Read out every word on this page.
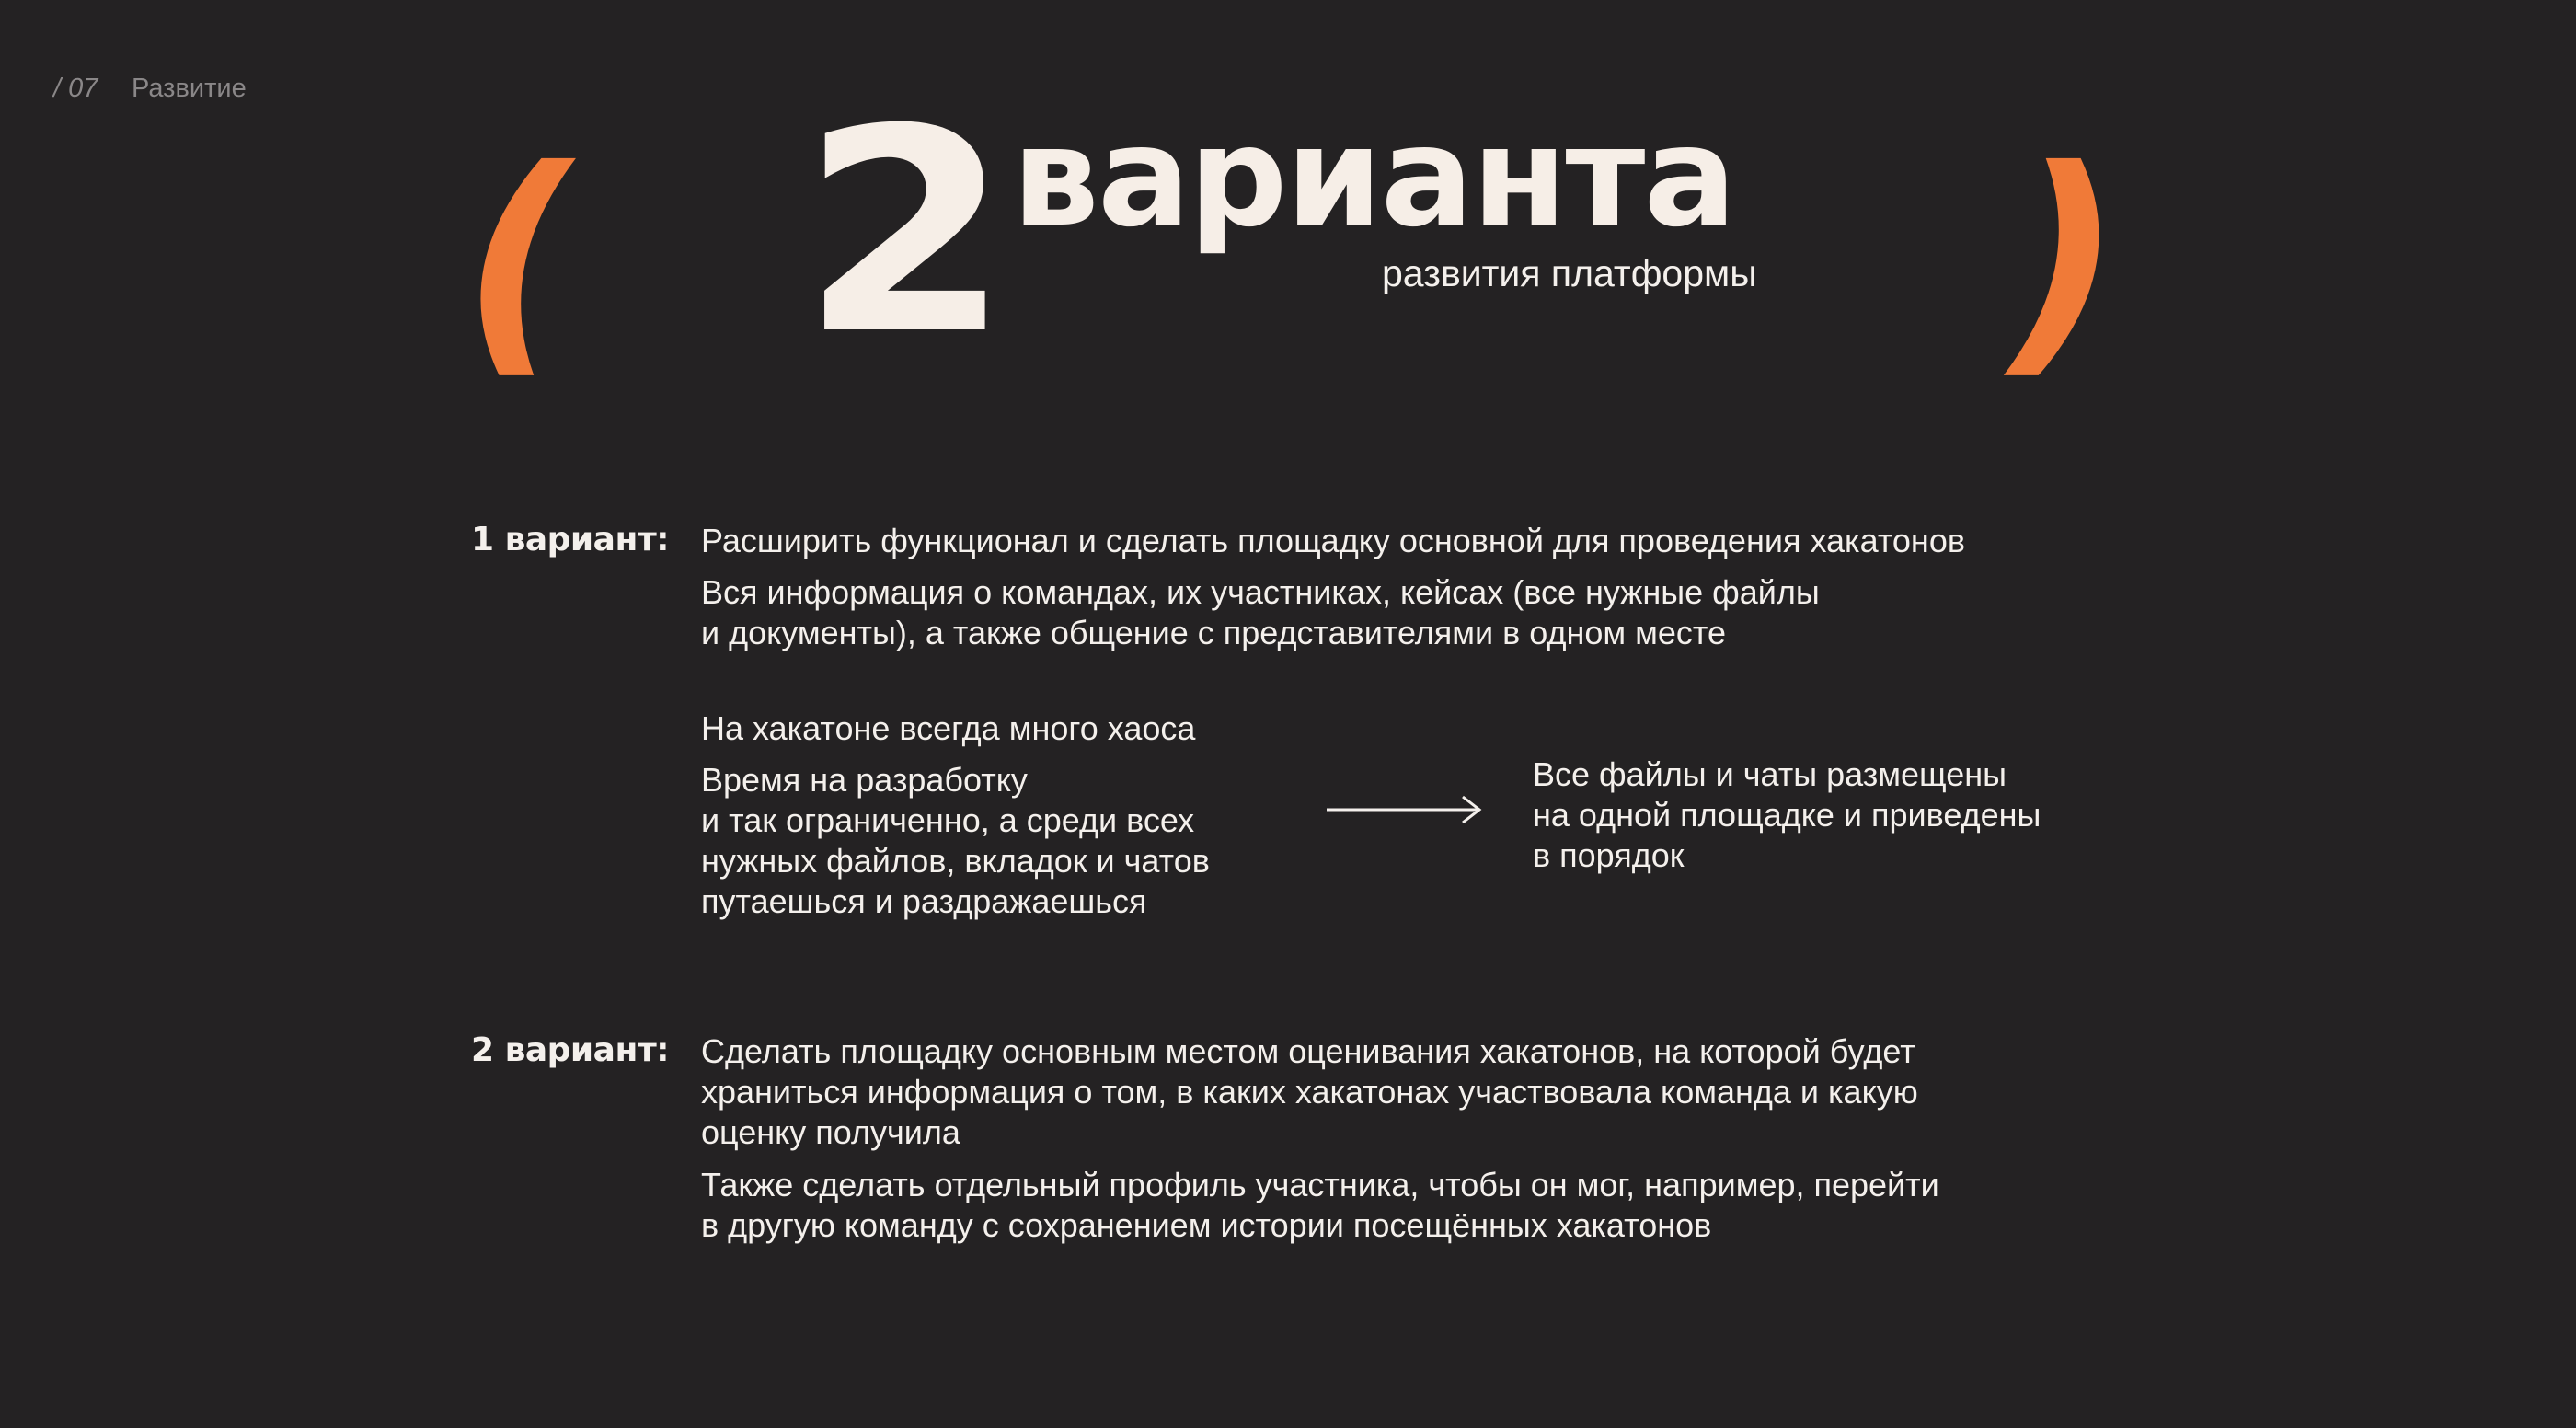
/ 07 Развитие
( 2 варианта
развития платформы )
1 вариант: Расширить функционал и сделать площадку основной для проведения хакатонов
Вся информация о командах, их участниках, кейсах (все нужные файлы
и документы), а также общение с представителями в одном месте
На хакатоне всегда много хаоса
Время на разработку
и так ограниченно, а среди всех
нужных файлов, вкладок и чатов
путаешься и раздражаешься
Все файлы и чаты размещены
на одной площадке и приведены
в порядок
2 вариант: Сделать площадку основным местом оценивания хакатонов, на которой будет
храниться информация о том, в каких хакатонах участвовала команда и какую
оценку получила
Также сделать отдельный профиль участника, чтобы он мог, например, перейти
в другую команду с сохранением истории посещённых хакатонов
